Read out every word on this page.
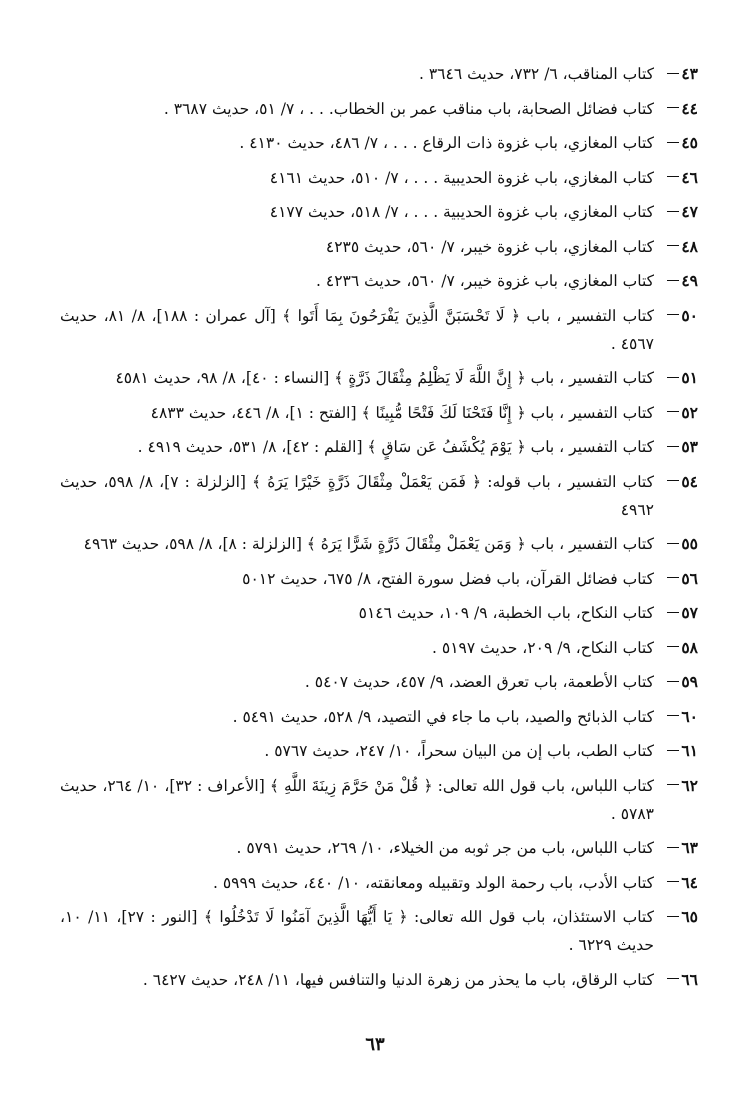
٤٣
كتاب المناقب، ٦/ ٧٣٢، حديث ٣٦٤٦ .
٤٤
كتاب فضائل الصحابة، باب مناقب عمر بن الخطاب. . . ، ٧/ ٥١، حديث ٣٦٨٧ .
٤٥
كتاب المغازي، باب غزوة ذات الرقاع . . . ، ٧/ ٤٨٦، حديث ٤١٣٠ .
٤٦
كتاب المغازي، باب غزوة الحديبية . . . ، ٧/ ٥١٠، حديث ٤١٦١
٤٧
كتاب المغازي، باب غزوة الحديبية . . . ، ٧/ ٥١٨، حديث ٤١٧٧
٤٨
كتاب المغازي، باب غزوة خيبر، ٧/ ٥٦٠، حديث ٤٢٣٥
٤٩
كتاب المغازي، باب غزوة خيبر، ٧/ ٥٦٠، حديث ٤٢٣٦ .
٥٠
كتاب التفسير ، باب ﴿ لَا تَحْسَبَنَّ الَّذِينَ يَفْرَحُونَ بِمَا أَتَوا ﴾ [آل عمران : ١٨٨]، ٨/ ٨١، حديث ٤٥٦٧ .
٥١
كتاب التفسير ، باب ﴿ إِنَّ اللَّهَ لَا يَظْلِمُ مِثْقَالَ ذَرَّةٍ ﴾ [النساء : ٤٠]، ٨/ ٩٨، حديث ٤٥٨١
٥٢
كتاب التفسير ، باب ﴿ إِنَّا فَتَحْنَا لَكَ فَتْحًا مُّبِينًا ﴾ [الفتح : ١]، ٨/ ٤٤٦، حديث ٤٨٣٣
٥٣
كتاب التفسير ، باب ﴿ يَوْمَ يُكْشَفُ عَن سَاقٍ ﴾ [القلم : ٤٢]، ٨/ ٥٣١، حديث ٤٩١٩ .
٥٤
كتاب التفسير ، باب قوله: ﴿ فَمَن يَعْمَلْ مِثْقَالَ ذَرَّةٍ خَيْرًا يَرَهُ ﴾ [الزلزلة : ٧]، ٨/ ٥٩٨، حديث ٤٩٦٢
٥٥
كتاب التفسير ، باب ﴿ وَمَن يَعْمَلْ مِثْقَالَ ذَرَّةٍ شَرًّا يَرَهُ ﴾ [الزلزلة : ٨]، ٨/ ٥٩٨، حديث ٤٩٦٣
٥٦
كتاب فضائل القرآن، باب فضل سورة الفتح، ٨/ ٦٧٥، حديث ٥٠١٢
٥٧
كتاب النكاح، باب الخطبة، ٩/ ١٠٩، حديث ٥١٤٦
٥٨
كتاب النكاح، ٩/ ٢٠٩، حديث ٥١٩٧ .
٥٩
كتاب الأطعمة، باب تعرق العضد، ٩/ ٤٥٧، حديث ٥٤٠٧ .
٦٠
كتاب الذبائح والصيد، باب ما جاء في التصيد، ٩/ ٥٢٨، حديث ٥٤٩١ .
٦١
كتاب الطب، باب إن من البيان سحراً، ١٠/ ٢٤٧، حديث ٥٧٦٧ .
٦٢
كتاب اللباس، باب قول الله تعالى: ﴿ قُلْ مَنْ حَرَّمَ زِينَةَ اللَّهِ ﴾ [الأعراف : ٣٢]، ١٠/ ٢٦٤، حديث ٥٧٨٣ .
٦٣
كتاب اللباس، باب من جر ثوبه من الخيلاء، ١٠/ ٢٦٩، حديث ٥٧٩١ .
٦٤
كتاب الأدب، باب رحمة الولد وتقبيله ومعانقته، ١٠/ ٤٤٠، حديث ٥٩٩٩ .
٦٥
كتاب الاستئذان، باب قول الله تعالى: ﴿ يَا أَيُّهَا الَّذِينَ آمَنُوا لَا تَدْخُلُوا ﴾ [النور : ٢٧]، ١١/ ١٠، حديث ٦٢٢٩ .
٦٦
كتاب الرقاق، باب ما يحذر من زهرة الدنيا والتنافس فيها، ١١/ ٢٤٨، حديث ٦٤٢٧ .
٦٣
